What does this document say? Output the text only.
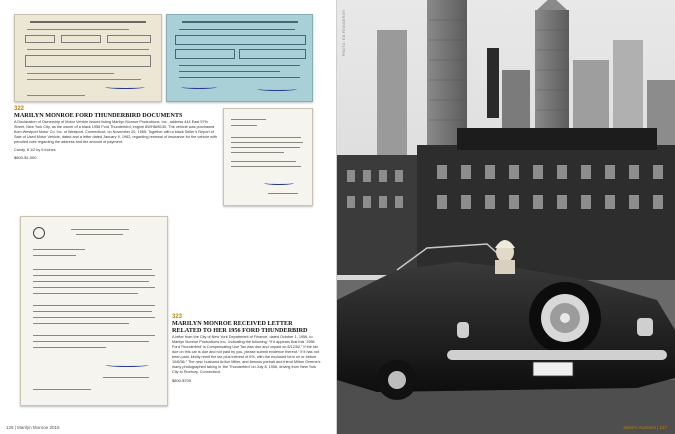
322
MARILYN MONROE FORD THUNDERBIRD DOCUMENTS
A Declaration of Ownership of Motor Vehicle issued listing Marilyn Monroe Productions, Inc., address 444 East 57th Street, New York City, as the owner of a black 1956 Ford Thunderbird, engine 8WH6#5130. The vehicle was purchased from Westport Motor Co. Inc. of Westport, Connecticut, on November 20, 1955. Together with a black Seller’s Report of Sale of Used Motor Vehicle, dated and a letter dated January 9, 1962, regarding renewal of insurance for the vehicle with penciled note regarding the address and the amount of payment.
Candy, 8 1/2 by 6 inches
$800-$1,000
323
MARILYN MONROE RECEIVED LETTER RELATED TO HER 1956 FORD THUNDERBIRD
A letter from the City of New York Department of Finance, dated October 1, 1956, to Marilyn Monroe Productions Inc., indicating the following: “If it appears that this ‘1956 Ford Thunderbird’ is Compensating Use Tax was due and unpaid on 8/12/52.” If the tax due on this car is due and not paid by you, please submit evidence thereof.” If it has not been paid, kindly remit the tax plus interest of 6%, with the enclosed form on or before 10/6/56.” The new, husband Arthur Miller, and famous portrait and friend Milton Greene’s many photographed taking in ‘the Thunderbird’ on July 8, 1956, driving from New York City to Roxbury, Connecticut.
$800-$700
126 | Marilyn Monroe 2016
PHOTO: ED FEINGERSH
Julien’s Auctions | 127
